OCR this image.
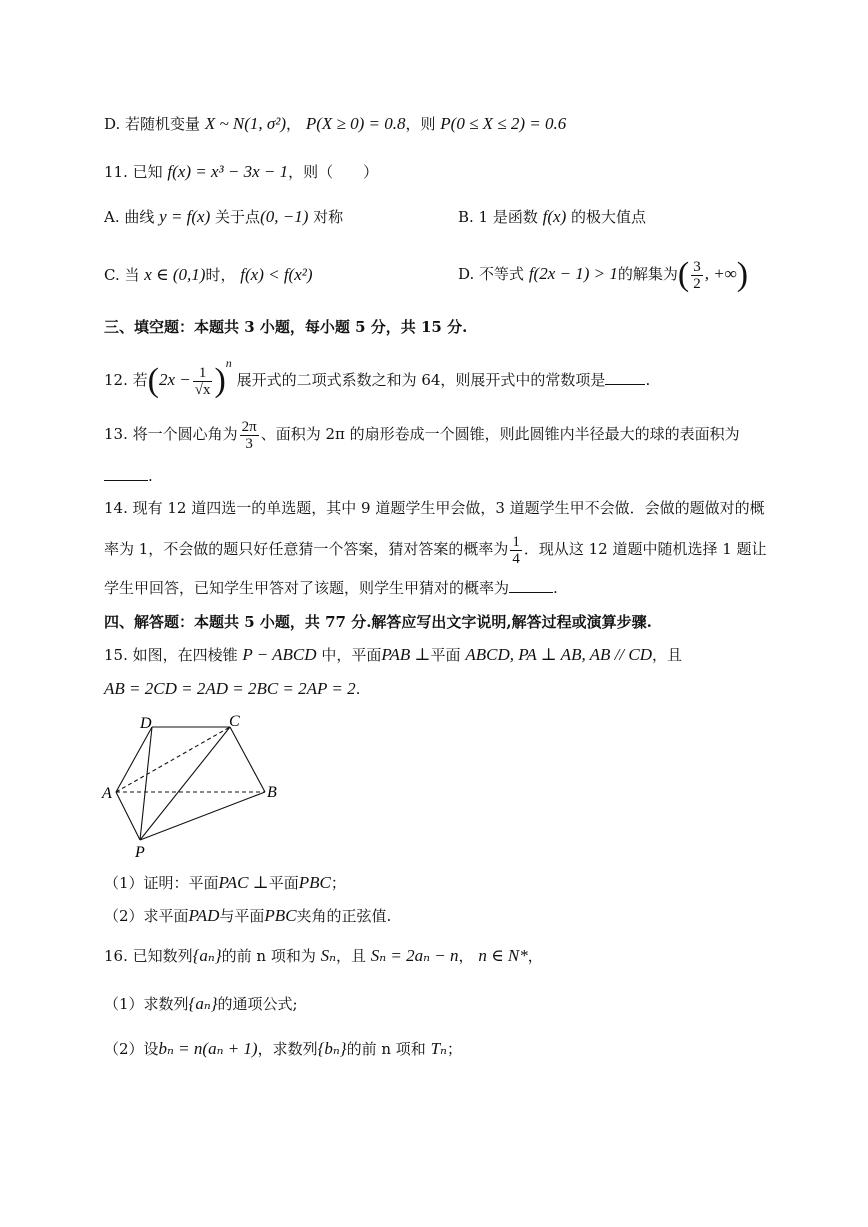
D. 若随机变量 X ~ N(1, σ²)， P(X ≥ 0) = 0.8，则 P(0 ≤ X ≤ 2) = 0.6
11. 已知 f(x) = x³ − 3x − 1，则（　　）
A. 曲线 y = f(x) 关于点(0, −1) 对称	B. 1 是函数 f(x) 的极大值点
C. 当 x ∈ (0,1)时， f(x) < f(x²)	D. 不等式 f(2x − 1) > 1的解集为( $\frac{3}{2}$ , +∞)
三、填空题：本题共 3 小题，每小题 5 分，共 15 分.
12. 若$(2x - \frac{1}{√x} )^n$ 展开式的二项式系数之和为 64，则展开式中的常数项是	.
13. 将一个圆心角为 $\frac{2\pi}{3}$ 、面积为 2π 的扇形卷成一个圆锥，则此圆锥内半径最大的球的表面积为
.
14. 现有 12 道四选一的单选题，其中 9 道题学生甲会做，3 道题学生甲不会做．会做的题做对的概
率为 1，不会做的题只好任意猜一个答案，猜对答案的概率为 $\frac{1}{4}$ ．现从这 12 道题中随机选择 1 题让
学生甲回答，已知学生甲答对了该题，则学生甲猜对的概率为	.
四、解答题：本题共 5 小题，共 77 分.解答应写出文字说明,解答过程或演算步骤.
15. 如图，在四棱锥 P − ABCD 中，平面PAB ⊥平面 ABCD, PA ⊥ AB, AB // CD，且
AB = 2CD = 2AD = 2BC = 2AP = 2.
D	C
A	B
P
（1）证明：平面PAC ⊥平面PBC；
（2）求平面PAD与平面PBC夹角的正弦值.
16. 已知数列{aₙ}的前 n 项和为 Sₙ，且 Sₙ = 2aₙ − n， n ∈ N*，
（1）求数列{aₙ}的通项公式;
（2）设bₙ = n(aₙ + 1)，求数列{bₙ}的前 n 项和 Tₙ；
